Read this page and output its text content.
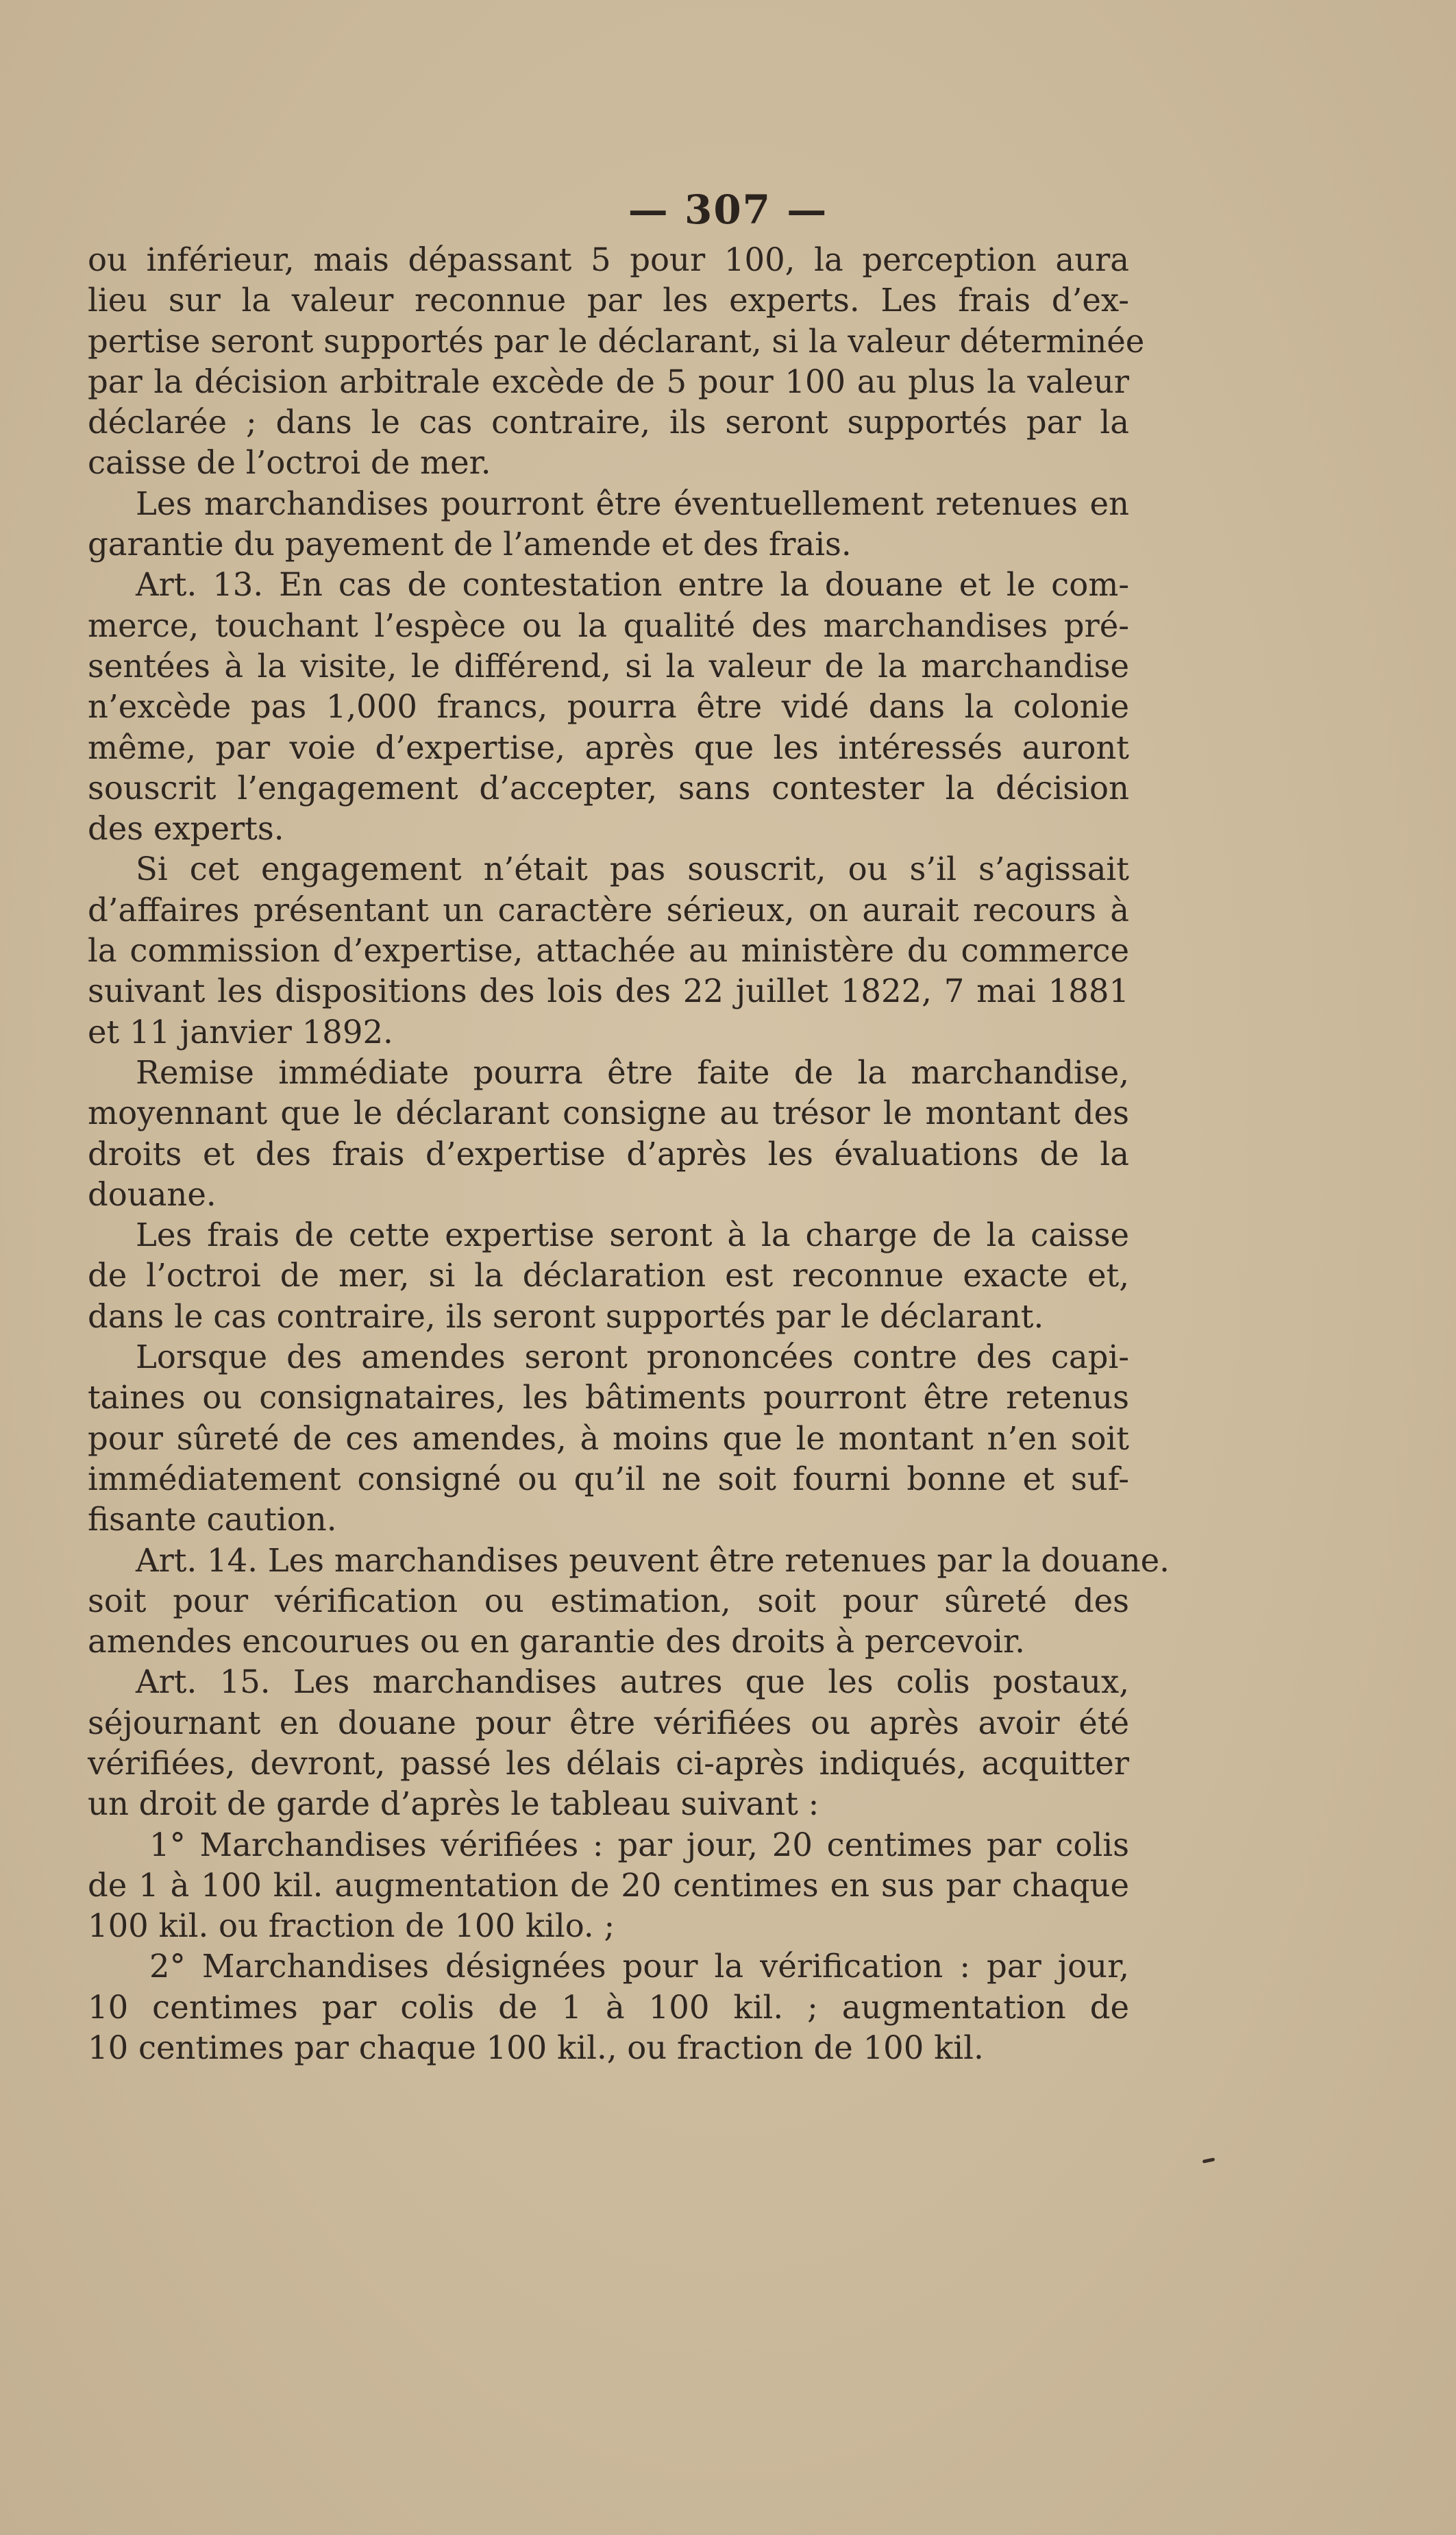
— 307 —
ou inférieur, mais dépassant 5 pour 100, la perception aura
lieu sur la valeur reconnue par les experts. Les frais d’ex-
pertise seront supportés par le déclarant, si la valeur déterminée
par la décision arbitrale excède de 5 pour 100 au plus la valeur
déclarée ; dans le cas contraire, ils seront supportés par la
caisse de l’octroi de mer.
Les marchandises pourront être éventuellement retenues en
garantie du payement de l’amende et des frais.
Art. 13. En cas de contestation entre la douane et le com-
merce, touchant l’espèce ou la qualité des marchandises pré-
sentées à la visite, le différend, si la valeur de la marchandise
n’excède pas 1,000 francs, pourra être vidé dans la colonie
même, par voie d’expertise, après que les intéressés auront
souscrit l’engagement d’accepter, sans contester la décision
des experts.
Si cet engagement n’était pas souscrit, ou s’il s’agissait
d’affaires présentant un caractère sérieux, on aurait recours à
la commission d’expertise, attachée au ministère du commerce
suivant les dispositions des lois des 22 juillet 1822, 7 mai 1881
et 11 janvier 1892.
Remise immédiate pourra être faite de la marchandise,
moyennant que le déclarant consigne au trésor le montant des
droits et des frais d’expertise d’après les évaluations de la
douane.
Les frais de cette expertise seront à la charge de la caisse
de l’octroi de mer, si la déclaration est reconnue exacte et,
dans le cas contraire, ils seront supportés par le déclarant.
Lorsque des amendes seront prononcées contre des capi-
taines ou consignataires, les bâtiments pourront être retenus
pour sûreté de ces amendes, à moins que le montant n’en soit
immédiatement consigné ou qu’il ne soit fourni bonne et suf-
fisante caution.
Art. 14. Les marchandises peuvent être retenues par la douane.
soit pour vérification ou estimation, soit pour sûreté des
amendes encourues ou en garantie des droits à percevoir.
Art. 15. Les marchandises autres que les colis postaux,
séjournant en douane pour être vérifiées ou après avoir été
vérifiées, devront, passé les délais ci-après indiqués, acquitter
un droit de garde d’après le tableau suivant :
1° Marchandises vérifiées : par jour, 20 centimes par colis
de 1 à 100 kil. augmentation de 20 centimes en sus par chaque
100 kil. ou fraction de 100 kilo. ;
2° Marchandises désignées pour la vérification : par jour,
10 centimes par colis de 1 à 100 kil. ; augmentation de
10 centimes par chaque 100 kil., ou fraction de 100 kil.
